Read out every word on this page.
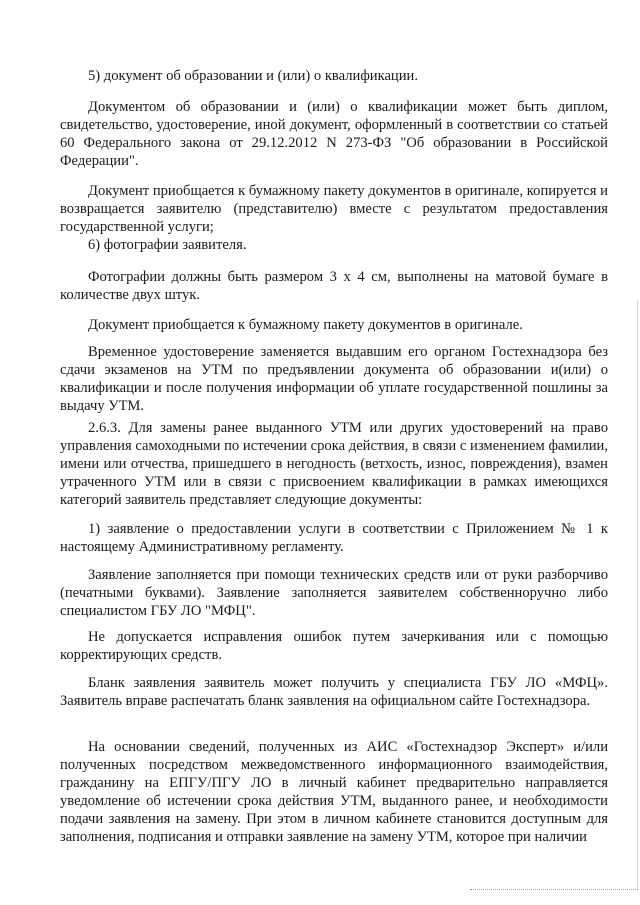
5) документ об образовании и (или) о квалификации.

Документом об образовании и (или) о квалификации может быть диплом, свидетельство, удостоверение, иной документ, оформленный в соответствии со статьей 60 Федерального закона от 29.12.2012 N 273-ФЗ "Об образовании в Российской Федерации".

Документ приобщается к бумажному пакету документов в оригинале, копируется и возвращается заявителю (представителю) вместе с результатом предоставления государственной услуги;

6) фотографии заявителя.

Фотографии должны быть размером 3 х 4 см, выполнены на матовой бумаге в количестве двух штук.

Документ приобщается к бумажному пакету документов в оригинале.

Временное удостоверение заменяется выдавшим его органом Гостехнадзора без сдачи экзаменов на УТМ по предъявлении документа об образовании и(или) о квалификации и после получения информации об уплате государственной пошлины за выдачу УТМ.

2.6.3. Для замены ранее выданного УТМ или других удостоверений на право управления самоходными по истечении срока действия, в связи с изменением фамилии, имени или отчества, пришедшего в негодность (ветхость, износ, повреждения), взамен утраченного УТМ или в связи с присвоением квалификации в рамках имеющихся категорий заявитель представляет следующие документы:

1) заявление о предоставлении услуги в соответствии с Приложением № 1 к настоящему Административному регламенту.

Заявление заполняется при помощи технических средств или от руки разборчиво (печатными буквами). Заявление заполняется заявителем собственноручно либо специалистом ГБУ ЛО "МФЦ".

Не допускается исправления ошибок путем зачеркивания или с помощью корректирующих средств.

Бланк заявления заявитель может получить у специалиста ГБУ ЛО «МФЦ». Заявитель вправе распечатать бланк заявления на официальном сайте Гостехнадзора.

На основании сведений, полученных из АИС «Гостехнадзор Эксперт» и/или полученных посредством межведомственного информационного взаимодействия, гражданину на ЕПГУ/ПГУ ЛО в личный кабинет предварительно направляется уведомление об истечении срока действия УТМ, выданного ранее, и необходимости подачи заявления на замену. При этом в личном кабинете становится доступным для заполнения, подписания и отправки заявление на замену УТМ, которое при наличии
